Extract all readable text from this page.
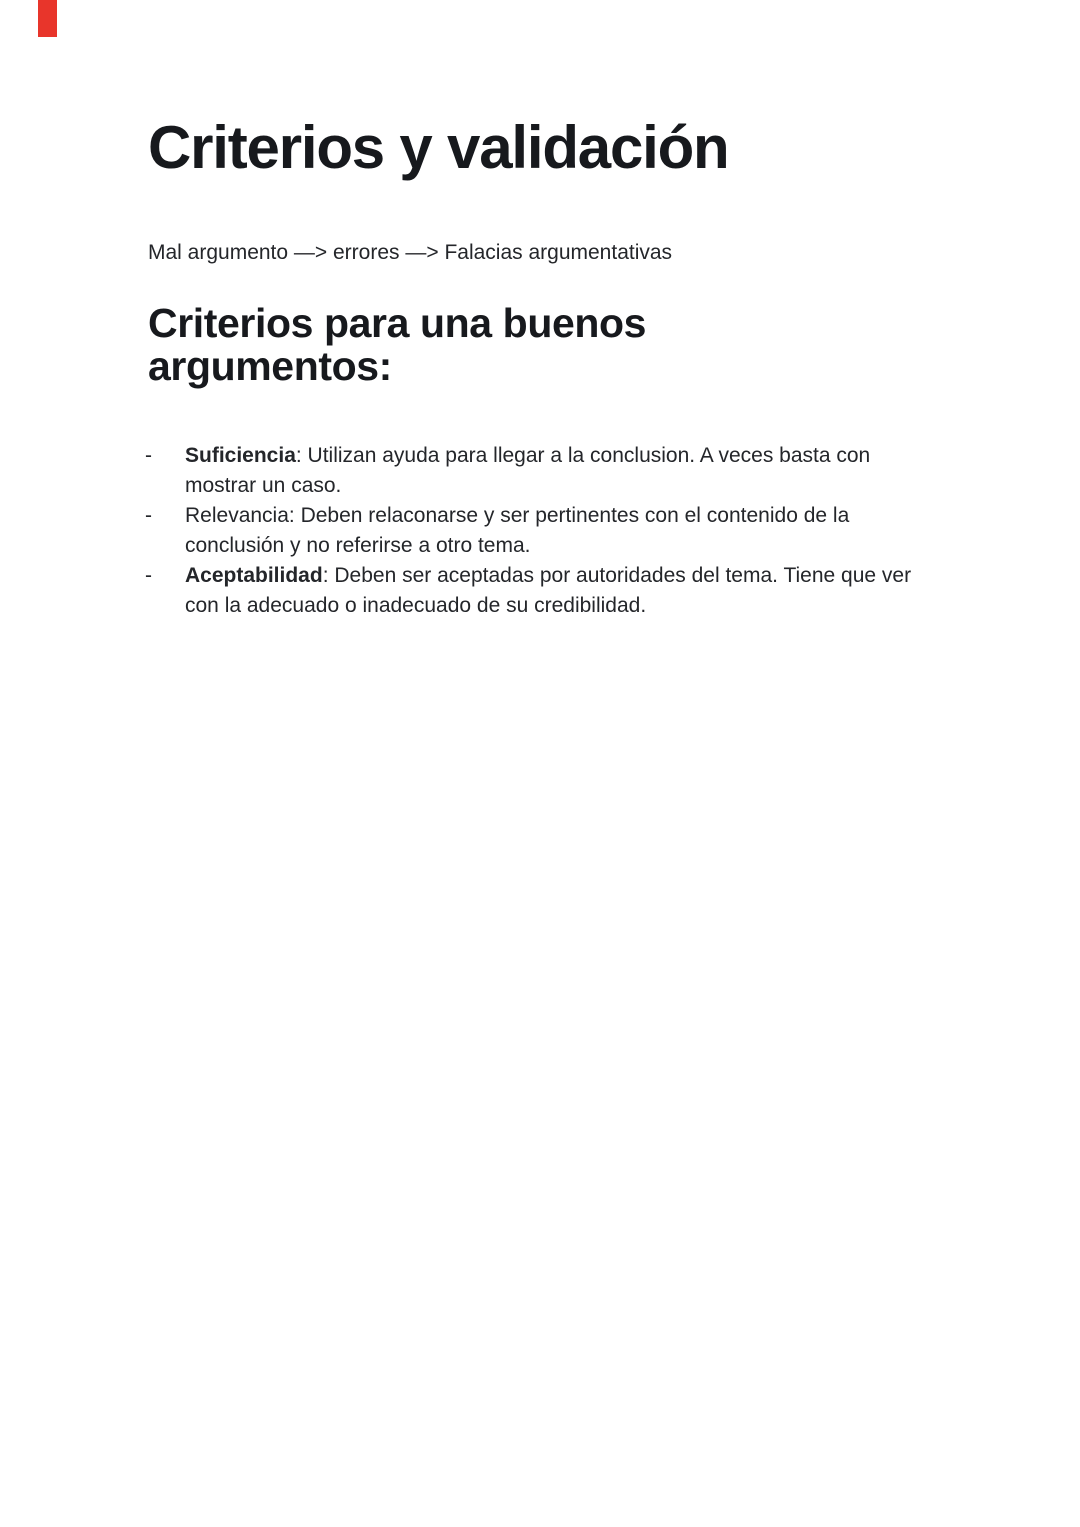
Criterios y validación

Mal argumento —> errores —> Falacias argumentativas

Criterios para una buenos argumentos:
-	Suficiencia: Utilizan ayuda para llegar a la conclusion. A veces basta con mostrar un caso.
-	Relevancia: Deben relaconarse y ser pertinentes con el contenido de la conclusión y no referirse a otro tema.
-	Aceptabilidad: Deben ser aceptadas por autoridades del tema. Tiene que ver con la adecuado o inadecuado de su credibilidad.
